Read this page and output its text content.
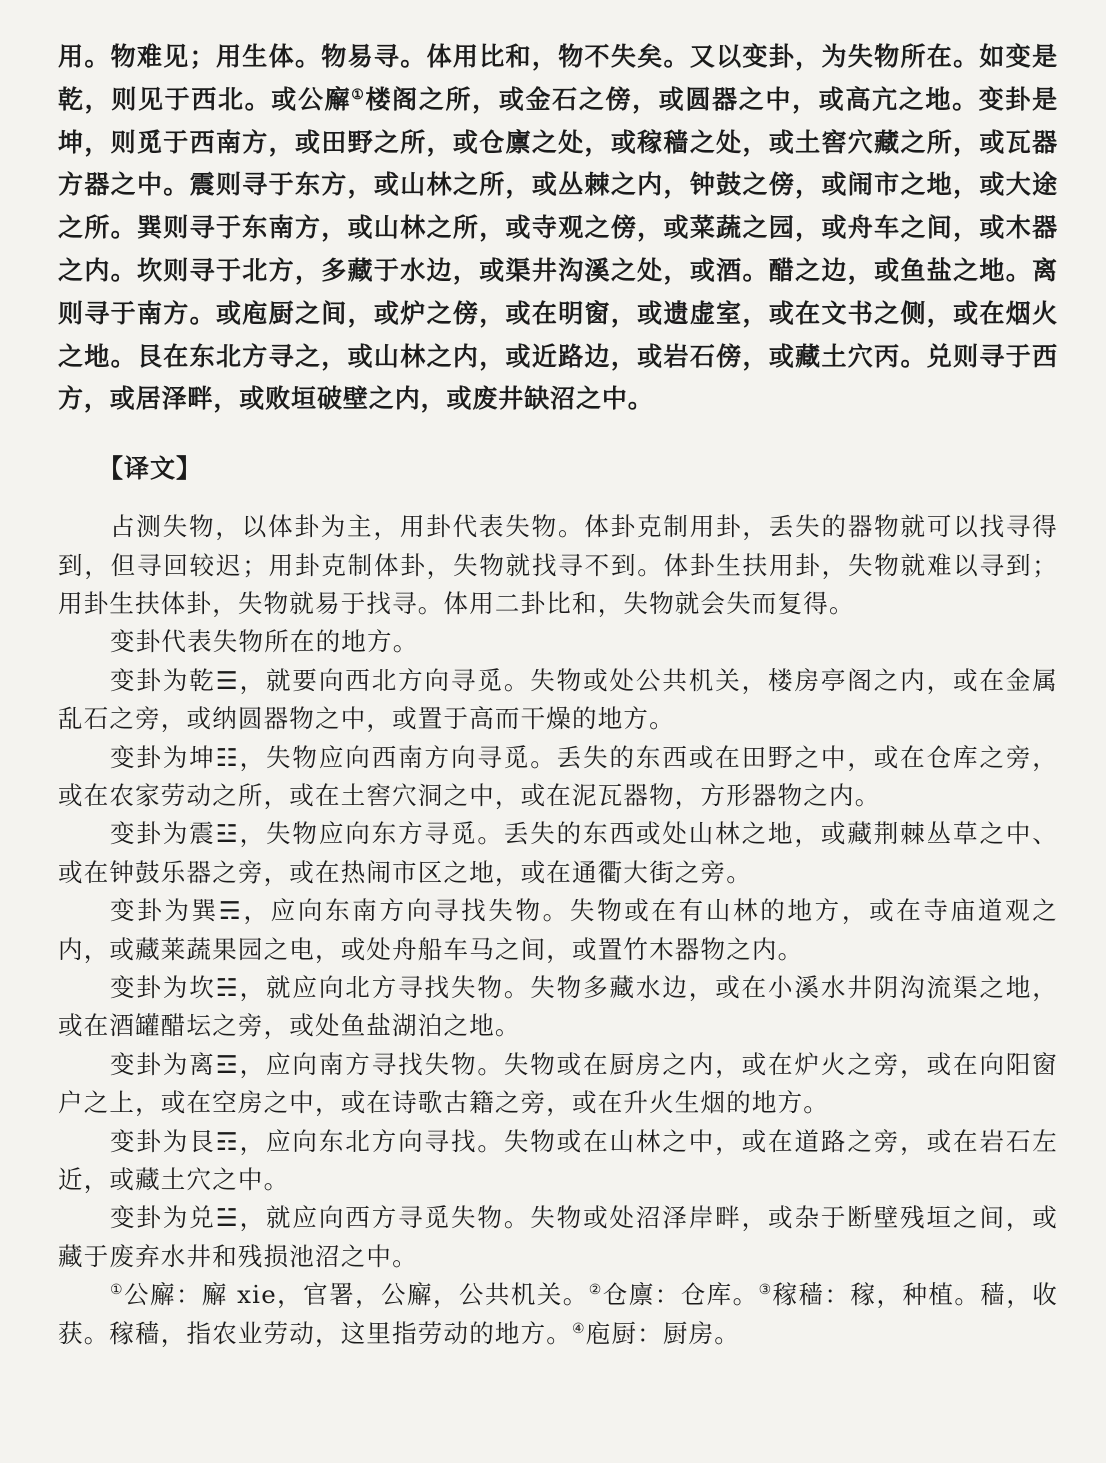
用。物难见；用生体。物易寻。体用比和，物不失矣。又以变卦，为失物所在。如变是乾，则见于西北。或公廨①楼阁之所，或金石之傍，或圆器之中，或高亢之地。变卦是坤，则觅于西南方，或田野之所，或仓廪之处，或稼穑之处，或土窖穴藏之所，或瓦器方器之中。震则寻于东方，或山林之所，或丛棘之内，钟鼓之傍，或闹市之地，或大途之所。巽则寻于东南方，或山林之所，或寺观之傍，或菜蔬之园，或舟车之间，或木器之内。坎则寻于北方，多藏于水边，或渠井沟溪之处，或酒。醋之边，或鱼盐之地。离则寻于南方。或庖厨之间，或炉之傍，或在明窗，或遗虚室，或在文书之侧，或在烟火之地。艮在东北方寻之，或山林之内，或近路边，或岩石傍，或藏土穴丙。兑则寻于西方，或居泽畔，或败垣破壁之内，或废井缺沼之中。

【译文】

占测失物，以体卦为主，用卦代表失物。体卦克制用卦，丢失的器物就可以找寻得到，但寻回较迟；用卦克制体卦，失物就找寻不到。体卦生扶用卦，失物就难以寻到；用卦生扶体卦，失物就易于找寻。体用二卦比和，失物就会失而复得。

变卦代表失物所在的地方。

变卦为乾☰，就要向西北方向寻觅。失物或处公共机关，楼房亭阁之内，或在金属乱石之旁，或纳圆器物之中，或置于高而干燥的地方。

变卦为坤☷，失物应向西南方向寻觅。丢失的东西或在田野之中，或在仓库之旁，或在农家劳动之所，或在土窖穴洞之中，或在泥瓦器物，方形器物之内。

变卦为震☳，失物应向东方寻觅。丢失的东西或处山林之地，或藏荆棘丛草之中、或在钟鼓乐器之旁，或在热闹市区之地，或在通衢大街之旁。

变卦为巽☴，应向东南方向寻找失物。失物或在有山林的地方，或在寺庙道观之内，或藏莱蔬果园之电，或处舟船车马之间，或置竹木器物之内。

变卦为坎☵，就应向北方寻找失物。失物多藏水边，或在小溪水井阴沟流渠之地，或在酒罐醋坛之旁，或处鱼盐湖泊之地。

变卦为离☲，应向南方寻找失物。失物或在厨房之内，或在炉火之旁，或在向阳窗户之上，或在空房之中，或在诗歌古籍之旁，或在升火生烟的地方。

变卦为艮☶，应向东北方向寻找。失物或在山林之中，或在道路之旁，或在岩石左近，或藏土穴之中。

变卦为兑☱，就应向西方寻觅失物。失物或处沼泽岸畔，或杂于断壁残垣之间，或藏于废弃水井和残损池沼之中。

①公廨：廨 xie，官署，公廨，公共机关。②仓廪：仓库。③稼穑：稼，种植。穑，收获。稼穑，指农业劳动，这里指劳动的地方。④庖厨：厨房。
